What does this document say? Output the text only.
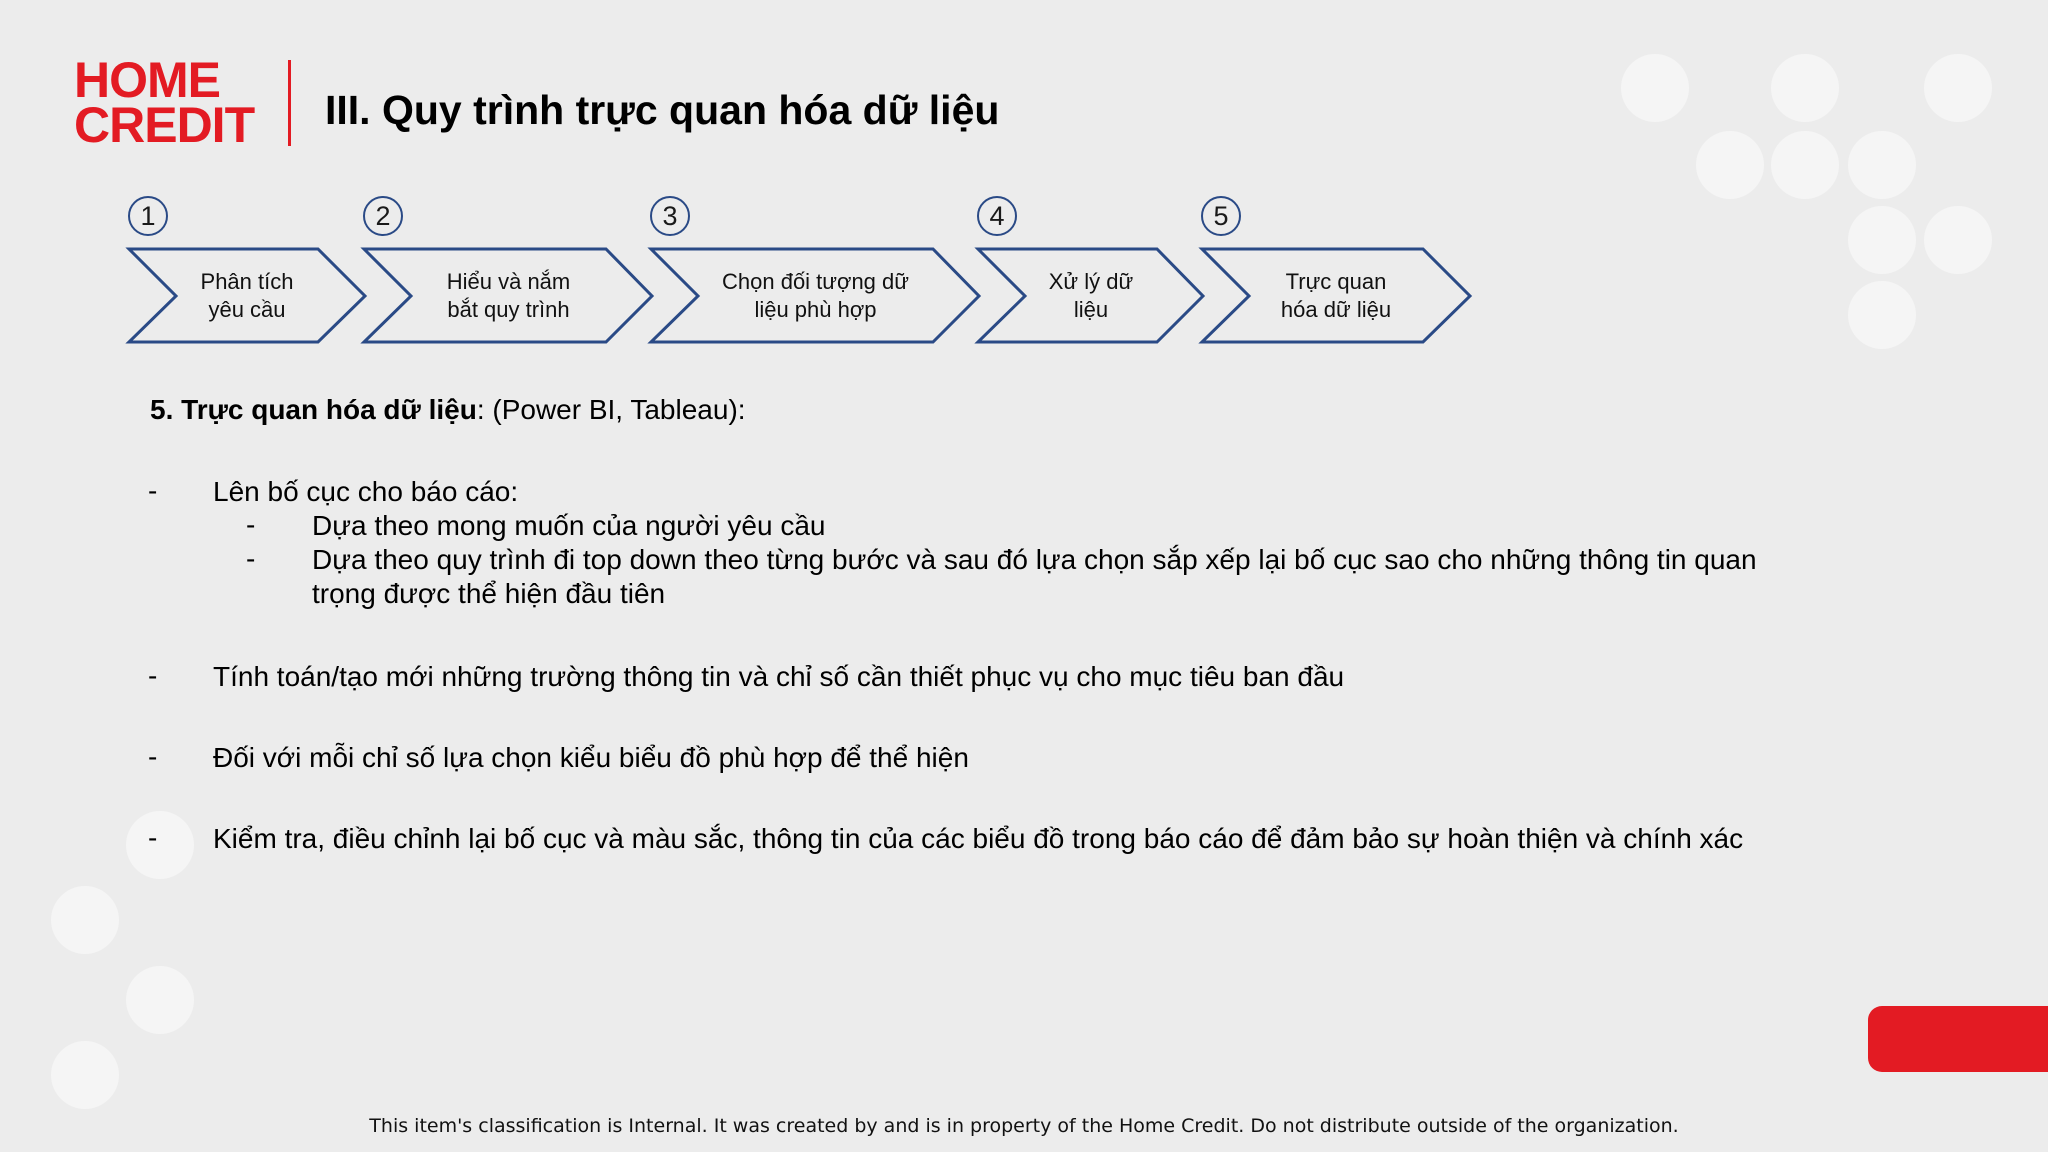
HOME
CREDIT	III. Quy trình trực quan hóa dữ liệu
1	2	3	4	5
Phân tích
yêu cầu
Hiểu và nắm
bắt quy trình
Chọn đối tượng dữ
liệu phù hợp
Xử lý dữ
liệu
Trực quan
hóa dữ liệu
5. Trực quan hóa dữ liệu: (Power BI, Tableau):
- Lên bố cục cho báo cáo:
- Dựa theo mong muốn của người yêu cầu
- Dựa theo quy trình đi top down theo từng bước và sau đó lựa chọn sắp xếp lại bố cục sao cho những thông tin quan trọng được thể hiện đầu tiên
- Tính toán/tạo mới những trường thông tin và chỉ số cần thiết phục vụ cho mục tiêu ban đầu
- Đối với mỗi chỉ số lựa chọn kiểu biểu đồ phù hợp để thể hiện
- Kiểm tra, điều chỉnh lại bố cục và màu sắc, thông tin của các biểu đồ trong báo cáo để đảm bảo sự hoàn thiện và chính xác
This item's classification is Internal. It was created by and is in property of the Home Credit. Do not distribute outside of the organization.
